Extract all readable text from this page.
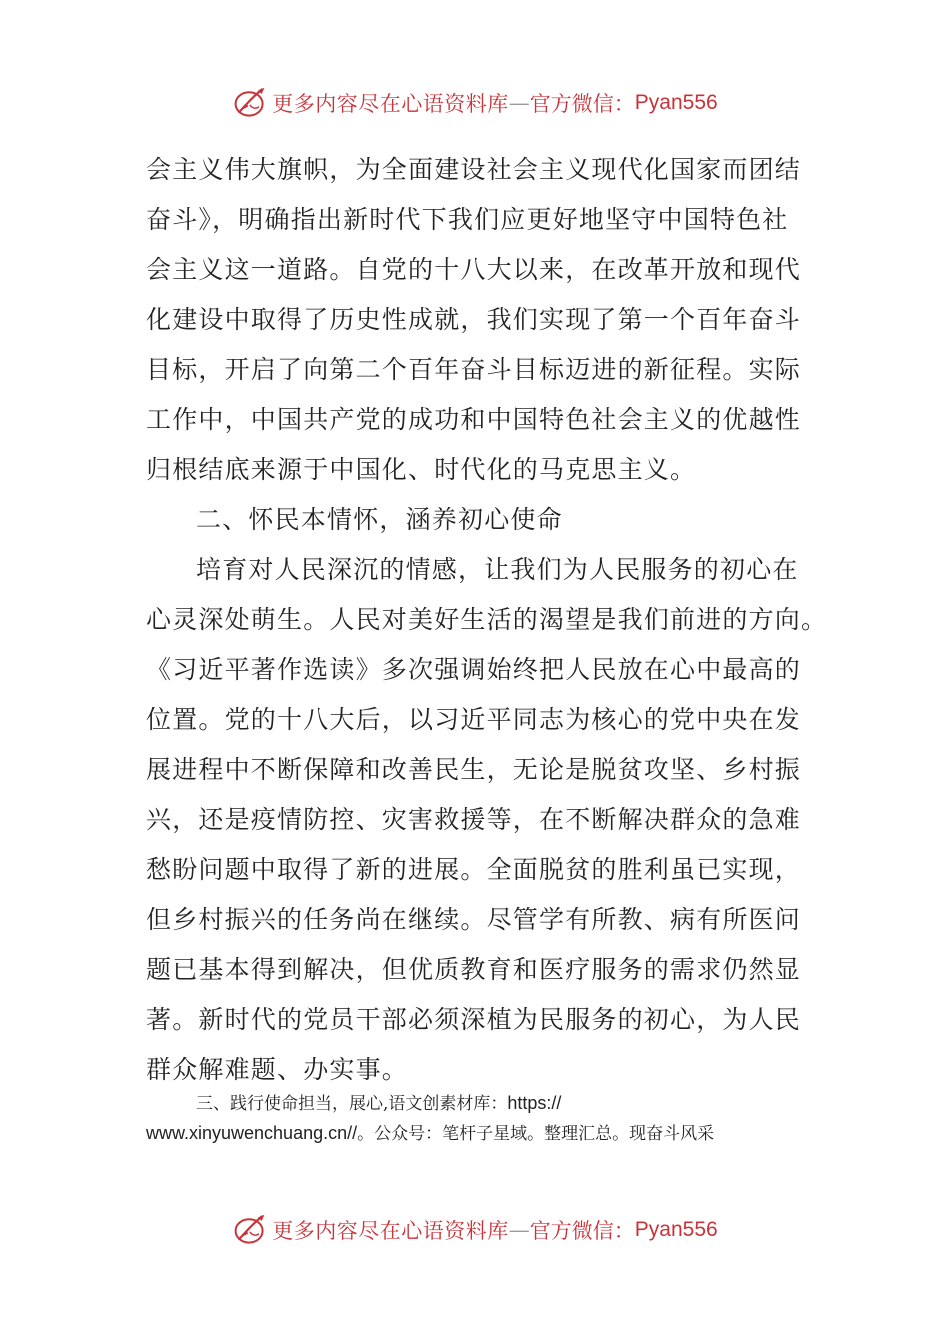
更多内容尽在心语资料库 — 官方微信： Pyan556
会主义伟大旗帜，为全面建设社会主义现代化国家而团结
奋斗》，明确指出新时代下我们应更好地坚守中国特色社
会主义这一道路。自党的十八大以来，在改革开放和现代
化建设中取得了历史性成就，我们实现了第一个百年奋斗
目标，开启了向第二个百年奋斗目标迈进的新征程。实际
工作中，中国共产党的成功和中国特色社会主义的优越性
归根结底来源于中国化、时代化的马克思主义。
二、怀民本情怀，涵养初心使命
培育对人民深沉的情感，让我们为人民服务的初心在
心灵深处萌生。人民对美好生活的渴望是我们前进的方向。
《习近平著作选读》多次强调始终把人民放在心中最高的
位置。党的十八大后，以习近平同志为核心的党中央在发
展进程中不断保障和改善民生，无论是脱贫攻坚、乡村振
兴，还是疫情防控、灾害救援等，在不断解决群众的急难
愁盼问题中取得了新的进展。全面脱贫的胜利虽已实现，
但乡村振兴的任务尚在继续。尽管学有所教、病有所医问
题已基本得到解决，但优质教育和医疗服务的需求仍然显
著。新时代的党员干部必须深植为民服务的初心，为人民
群众解难题、办实事。
三、践行使命担当，展心,语文创素材库：https://
www.xinyuwenchuang.cn//。公众号：笔杆子星域。整理汇总。现奋斗风采
更多内容尽在心语资料库 — 官方微信： Pyan556
